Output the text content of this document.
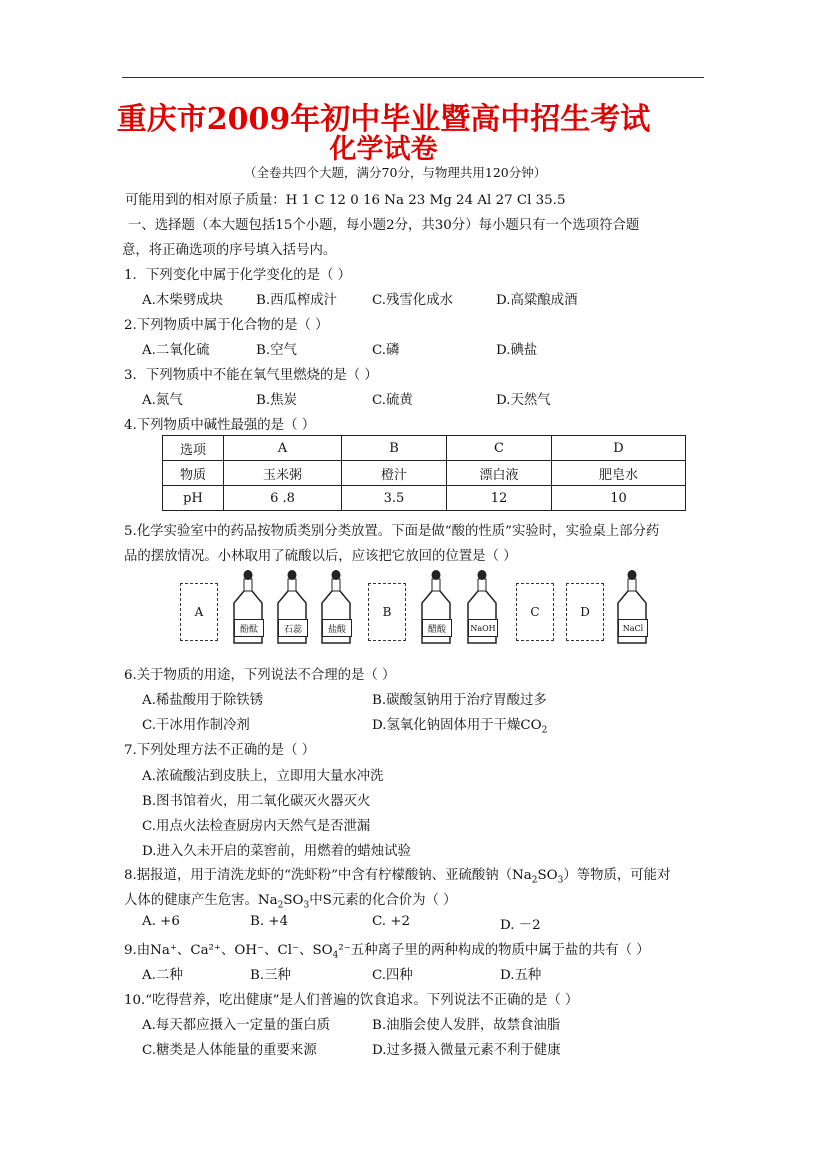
重庆市2009年初中毕业暨高中招生考试
化学试卷
（全卷共四个大题，满分70分，与物理共用120分钟）
可能用到的相对原子质量：H 1 C 12 0 16 Na 23 Mg 24 Al 27 Cl 35.5
一、选择题（本大题包括15个小题，每小题2分，共30分）每小题只有一个选项符合题
意，将正确选项的序号填入括号内。
1．下列变化中属于化学变化的是（ ）
A.木柴劈成块 B.西瓜榨成汁	C.残雪化成水	D.高粱酿成酒
2.下列物质中属于化合物的是（ ）
A.二氧化硫	B.空气	C.磷	D.碘盐
3．下列物质中不能在氧气里燃烧的是（ ）
A.氮气	B.焦炭	C.硫黄	D.天然气
4.下列物质中碱性最强的是（ ）
选项	A	B	C	D
物质	玉米粥	橙汁	漂白液	肥皂水
pH	6 .8	3.5	12	10
5.化学实验室中的药品按物质类别分类放置。下面是做“酸的性质”实验时，实验桌上部分药
品的摆放情况。小林取用了硫酸以后，应该把它放回的位置是（ ）
A
酚酞	石蕊	盐酸
B
醋酸	NaOH
C	D
NaCl
6.关于物质的用途，下列说法不合理的是（ ）
A.稀盐酸用于除铁锈	B.碳酸氢钠用于治疗胃酸过多
C.干冰用作制冷剂	D.氢氧化钠固体用于干燥$CO_2$
7.下列处理方法不正确的是（ ）
A.浓硫酸沾到皮肤上，立即用大量水冲洗
B.图书馆着火，用二氧化碳灭火器灭火
C.用点火法检查厨房内天然气是否泄漏
D.进入久未开启的菜窖前，用燃着的蜡烛试验
8.据报道，用于清洗龙虾的“洗虾粉”中含有柠檬酸钠、亚硫酸钠$(Na_2SO_3)$等物质，可能对
人体的健康产生危害。$Na_2SO_3$中S元素的化合价为（ ）
A. +6	B. +4	C. +2	D. －2
9.由Na⁺、Ca²⁺、OH⁻、Cl⁻、$SO_4^{2-}$五种离子里的两种构成的物质中属于盐的共有（ ）
A.二种	B.三种	C.四种	D.五种
10.“吃得营养，吃出健康”是人们普遍的饮食追求。下列说法不正确的是（ ）
A.每天都应摄入一定量的蛋白质	B.油脂会使人发胖，故禁食油脂
C.糖类是人体能量的重要来源	D.过多摄入微量元素不利于健康
